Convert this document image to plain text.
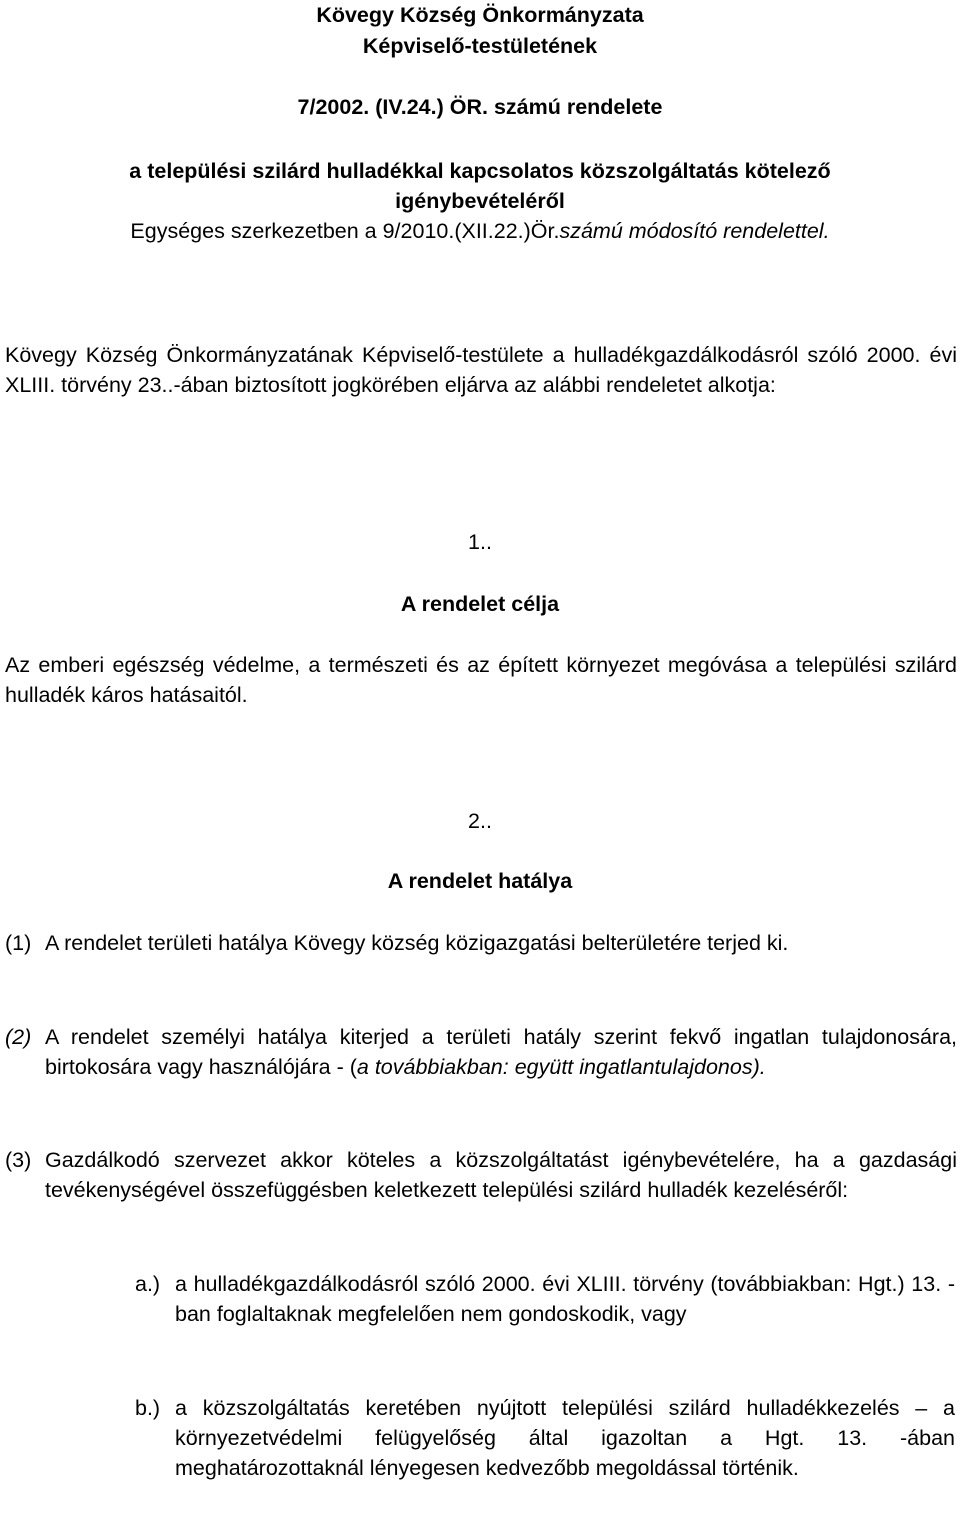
Kövegy Község Önkormányzata
Képviselő-testületének
7/2002. (IV.24.) ÖR. számú rendelete
a települési szilárd hulladékkal kapcsolatos közszolgáltatás kötelező
igénybevételéről
Egységes szerkezetben a 9/2010.(XII.22.)Ör.számú módosító rendelettel.

Kövegy Község Önkormányzatának Képviselő-testülete a hulladékgazdálkodásról szóló 2000. évi XLIII. törvény 23..-ában biztosított jogkörében eljárva az alábbi rendeletet alkotja:

1..
A rendelet célja

Az emberi egészség védelme, a természeti és az épített környezet megóvása a települési szilárd hulladék káros hatásaitól.

2..
A rendelet hatálya
(1) A rendelet területi hatálya Kövegy község közigazgatási belterületére terjed ki.
(2) A rendelet személyi hatálya kiterjed a területi hatály szerint fekvő ingatlan tulajdonosára, birtokosára vagy használójára - (a továbbiakban: együtt ingatlantulajdonos).
(3) Gazdálkodó szervezet akkor köteles a közszolgáltatást igénybevételére, ha a gazdasági tevékenységével összefüggésben keletkezett települési szilárd hulladék kezeléséről:
a.) a hulladékgazdálkodásról szóló 2000. évi XLIII. törvény (továbbiakban: Hgt.) 13. -ban foglaltaknak megfelelően nem gondoskodik, vagy
b.) a közszolgáltatás keretében nyújtott települési szilárd hulladékkezelés – a környezetvédelmi felügyelőség által igazoltan a Hgt. 13. -ában meghatározottaknál lényegesen kedvezőbb megoldással történik.
